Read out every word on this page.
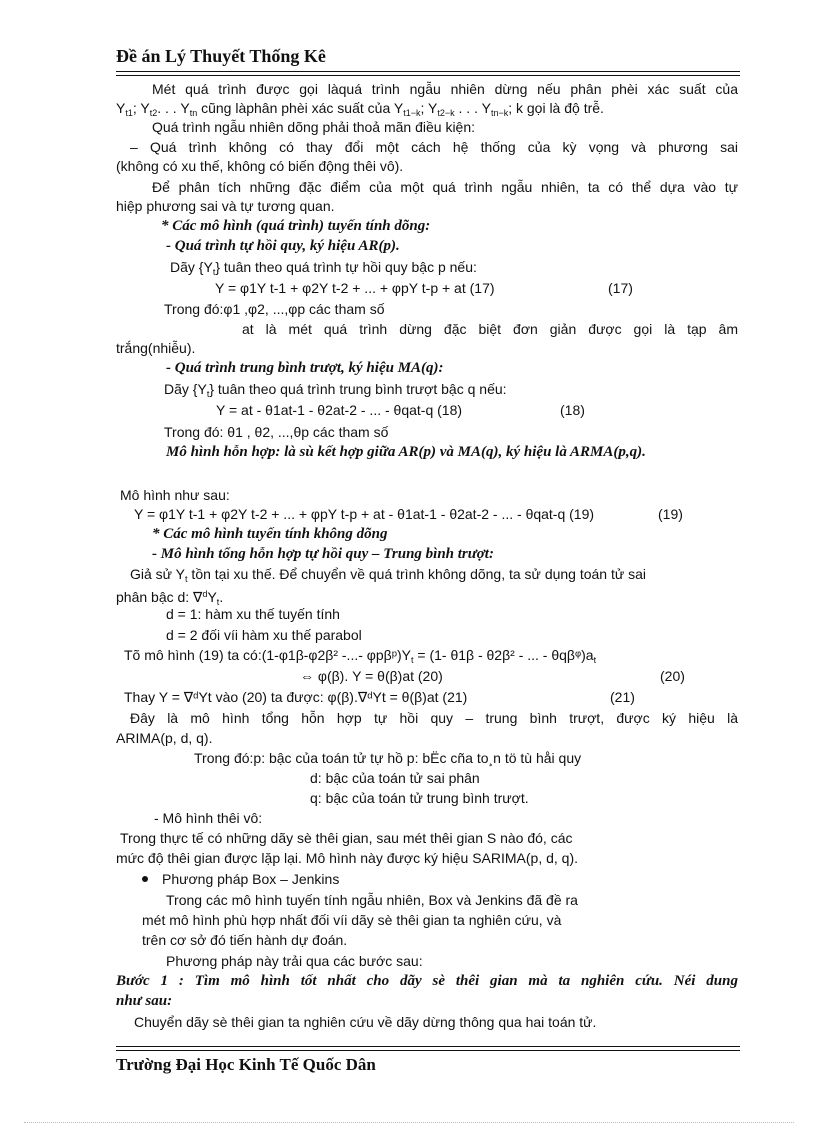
Đề án Lý Thuyết Thống Kê
Mét quá trình được gọi làquá trình ngẫu nhiên dừng nếu phân phèi xác suất của
$Y_{t1}$; $Y_{t2}$. . . $Y_{tn}$ cũng làphân phèi xác suất của $Y_{t1-k}$; $Y_{t2-k}$ . . . $Y_{tn-k}$; k gọi là độ trễ.
Quá trình ngẫu nhiên dõng phải thoả mãn điều kiện:
– Quá trình không có thay đổi một cách hệ thống của kỳ vọng và phương sai
(không có xu thế, không có biến động thêi vô).
Để phân tích những đặc điểm của một quá trình ngẫu nhiên, ta có thể dựa vào tự
hiệp phương sai và tự tương quan.
* Các mô hình (quá trình) tuyến tính dõng:
- Quá trình tự hồi quy, ký hiệu AR(p).
Dãy $\{Y_t\}$ tuân theo quá trình tự hồi quy bậc p nếu:
Y = φ1Y t-1 + φ2Y t-2 + ... + φpY t-p + at (17)	(17)
Trong đó:φ1 ,φ2, ...,φp các tham số
at là mét quá trình dừng đặc biệt đơn giản được gọi là tạp âm
trắng(nhiễu).
- Quá trình trung bình trượt, ký hiệu MA(q):
Dãy $\{Y_t\}$ tuân theo quá trình trung bình trượt bậc q nếu:
Y = at - θ1at-1 - θ2at-2 - ... - θqat-q (18)	(18)
Trong đó: θ1 , θ2, ...,θp các tham số
Mô hình hỗn hợp: là sù kết hợp giữa AR(p) và MA(q), ký hiệu là ARMA(p,q).
Mô hình như sau:
Y = φ1Y t-1 + φ2Y t-2 + ... + φpY t-p + at - θ1at-1 - θ2at-2 - ... - θqat-q (19)	(19)
* Các mô hình tuyến tính không dõng
- Mô hình tổng hỗn hợp tự hồi quy – Trung bình trượt:
Giả sử $Y_t$ tồn tại xu thế. Để chuyển về quá trình không dõng, ta sử dụng toán tử sai
phân bậc d: $\nabla^dY_t$.
d = 1: hàm xu thế tuyến tính
d = 2 đối víi hàm xu thế parabol
Tõ mô hình (19) ta có:(1-φ1β-φ2β² -...- $\varphi p\beta ᵖ)Y_t = (1-$ θ1β - θ2β² - ... - $\theta q\beta ᵠ)a_t$
⇔ φ(β). Y = θ(β)at (20)	(20)
Thay Y = ∇ᵈYt vào (20) ta được: φ(β).∇ᵈYt = θ(β)at (21)	(21)
Đây là mô hình tổng hỗn hợp tự hồi quy – trung bình trượt, được ký hiệu là
ARIMA(p, d, q).
Trong đó:p: bậc của toán tử tự hồ p: bËc cña to¸n tö tù håi quy
d: bậc của toán tử sai phân
q: bậc của toán tử trung bình trượt.
- Mô hình thêi vô:
Trong thực tế có những dãy sè thêi gian, sau mét thêi gian S nào đó, các
mức độ thêi gian được lặp lại. Mô hình này được ký hiệu SARIMA(p, d, q).
Phương pháp Box – Jenkins
Trong các mô hình tuyến tính ngẫu nhiên, Box và Jenkins đã đề ra
mét mô hình phù hợp nhất đối víi dãy sè thêi gian ta nghiên cứu, và
trên cơ sở đó tiến hành dự đoán.
Phương pháp này trải qua các bước sau:
Bước 1 : Tìm mô hình tốt nhất cho dãy sè thêi gian mà ta nghiên cứu. Néi dung
như sau:
Chuyển dãy sè thêi gian ta nghiên cứu về dãy dừng thông qua hai toán tử.
Trường Đại Học Kinh Tế Quốc Dân
